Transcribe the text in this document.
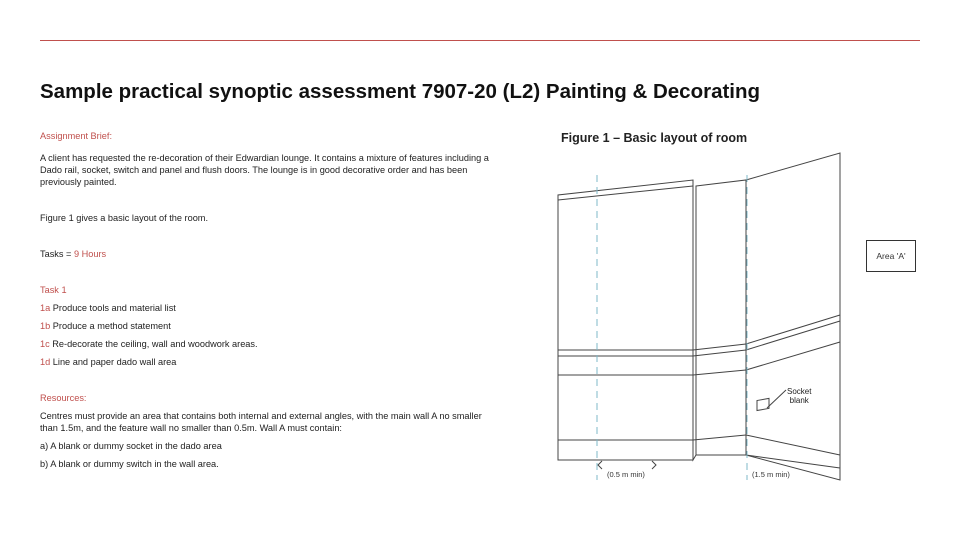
Sample practical synoptic assessment 7907-20 (L2) Painting & Decorating

Assignment Brief:

A client has requested the re-decoration of their Edwardian lounge. It contains a mixture of features including a Dado rail, socket, switch and panel and flush doors. The lounge is in good decorative order and has been previously painted.

Figure 1 gives a basic layout of the room.

Tasks = 9 Hours

Task 1

1a Produce tools and material list

1b Produce a method statement

1c Re-decorate the ceiling, wall and woodwork areas.

1d Line and paper dado wall area

Resources:

Centres must provide an area that contains both internal and external angles, with the main wall A no smaller than 1.5m, and the feature wall no smaller than 0.5m. Wall A must contain:

a) A blank or dummy socket in the dado area

b) A blank or dummy switch in the wall area.

Figure 1 – Basic layout of room
Area 'A'
Socket
blank
(0.5 m min)	(1.5 m min)
